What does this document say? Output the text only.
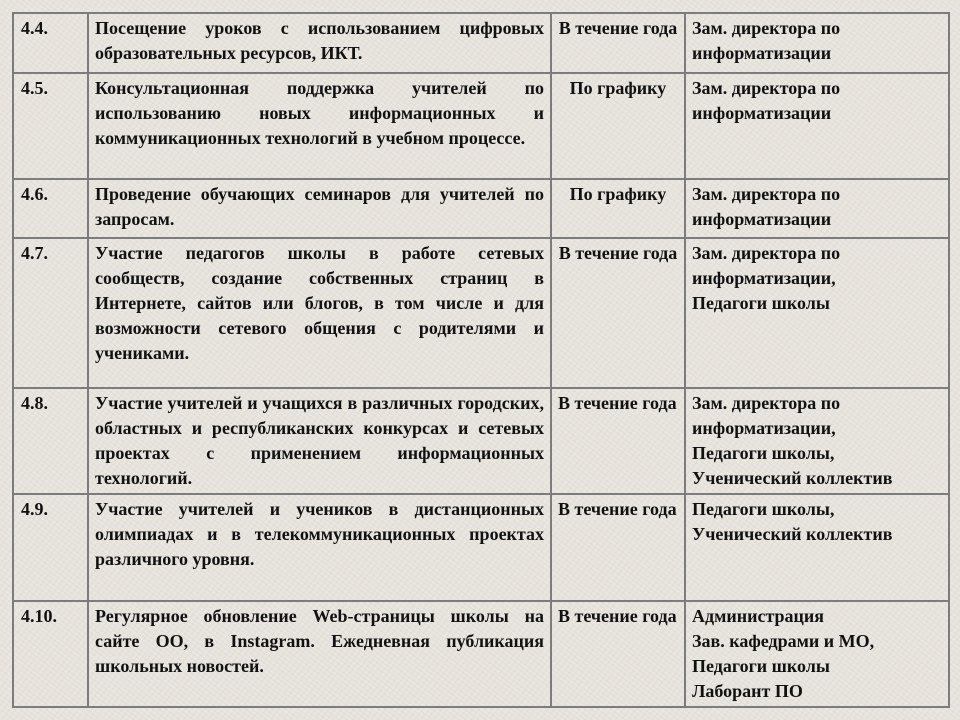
4.4.	Посещение уроков с использованием цифровых образовательных ресурсов, ИКТ.	В течение года	Зам. директора по информатизации

4.5.	Консультационная поддержка учителей по использованию новых информационных и коммуникационных технологий в учебном процессе.	По графику	Зам. директора по информатизации

4.6.	Проведение обучающих семинаров для учителей по запросам.	По графику	Зам. директора по информатизации

4.7.	Участие педагогов школы в работе сетевых сообществ, создание собственных страниц в Интернете, сайтов или блогов, в том числе и для возможности сетевого общения с родителями и учениками.	В течение года	Зам. директора по информатизации,
Педагоги школы

4.8.	Участие учителей и учащихся в различных городских, областных и республиканских конкурсах и сетевых проектах с применением информационных технологий.	В течение года	Зам. директора по информатизации,
Педагоги школы,
Ученический коллектив

4.9.	Участие учителей и учеников в дистанционных олимпиадах и в телекоммуникационных проектах различного уровня.	В течение года	Педагоги школы,
Ученический коллектив

4.10.	Регулярное обновление Web-страницы школы на сайте ОО, в Instagram. Ежедневная публикация школьных новостей.	В течение года	Администрация
Зав. кафедрами и МО,
Педагоги школы
Лаборант ПО
